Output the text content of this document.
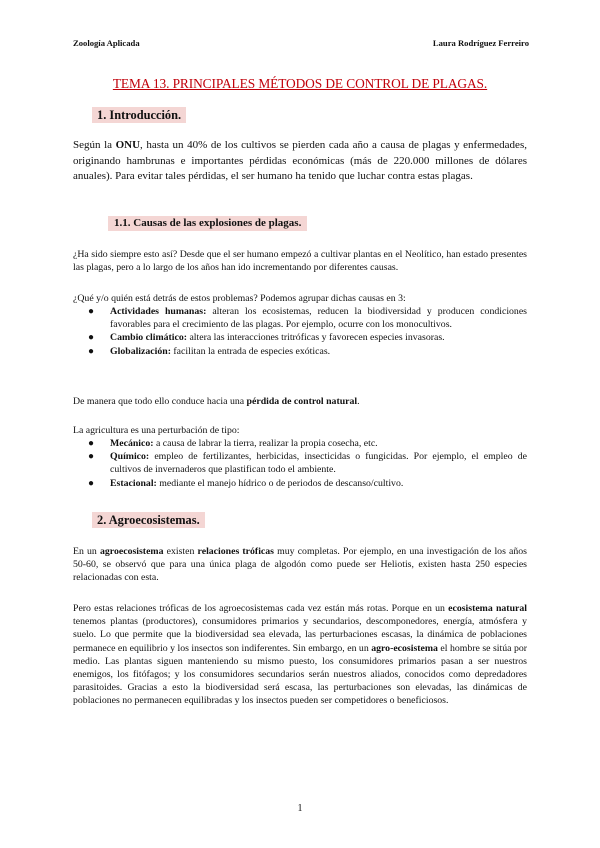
Zoología Aplicada	Laura Rodríguez Ferreiro
TEMA 13. PRINCIPALES MÉTODOS DE CONTROL DE PLAGAS.
1. Introducción.

Según la ONU, hasta un 40% de los cultivos se pierden cada año a causa de plagas y enfermedades, originando hambrunas e importantes pérdidas económicas (más de 220.000 millones de dólares anuales). Para evitar tales pérdidas, el ser humano ha tenido que luchar contra estas plagas.

1.1. Causas de las explosiones de plagas.

¿Ha sido siempre esto así? Desde que el ser humano empezó a cultivar plantas en el Neolítico, han estado presentes las plagas, pero a lo largo de los años han ido incrementando por diferentes causas.

¿Qué y/o quién está detrás de estos problemas? Podemos agrupar dichas causas en 3:

● Actividades humanas: alteran los ecosistemas, reducen la biodiversidad y producen condiciones favorables para el crecimiento de las plagas. Por ejemplo, ocurre con los monocultivos.
● Cambio climático: altera las interacciones tritróficas y favorecen especies invasoras.
● Globalización: facilitan la entrada de especies exóticas.

De manera que todo ello conduce hacia una pérdida de control natural.

La agricultura es una perturbación de tipo:

● Mecánico: a causa de labrar la tierra, realizar la propia cosecha, etc.
● Químico: empleo de fertilizantes, herbicidas, insecticidas o fungicidas. Por ejemplo, el empleo de cultivos de invernaderos que plastifican todo el ambiente.
● Estacional: mediante el manejo hídrico o de periodos de descanso/cultivo.
2. Agroecosistemas.

En un agroecosistema existen relaciones tróficas muy completas. Por ejemplo, en una investigación de los años 50-60, se observó que para una única plaga de algodón como puede ser Heliotis, existen hasta 250 especies relacionadas con esta.

Pero estas relaciones tróficas de los agroecosistemas cada vez están más rotas. Porque en un ecosistema natural tenemos plantas (productores), consumidores primarios y secundarios, descomponedores, energía, atmósfera y suelo. Lo que permite que la biodiversidad sea elevada, las perturbaciones escasas, la dinámica de poblaciones permanece en equilibrio y los insectos son indiferentes. Sin embargo, en un agro-ecosistema el hombre se sitúa por medio. Las plantas siguen manteniendo su mismo puesto, los consumidores primarios pasan a ser nuestros enemigos, los fitófagos; y los consumidores secundarios serán nuestros aliados, conocidos como depredadores parasitoides. Gracias a esto la biodiversidad será escasa, las perturbaciones son elevadas, las dinámicas de poblaciones no permanecen equilibradas y los insectos pueden ser competidores o beneficiosos.

1
